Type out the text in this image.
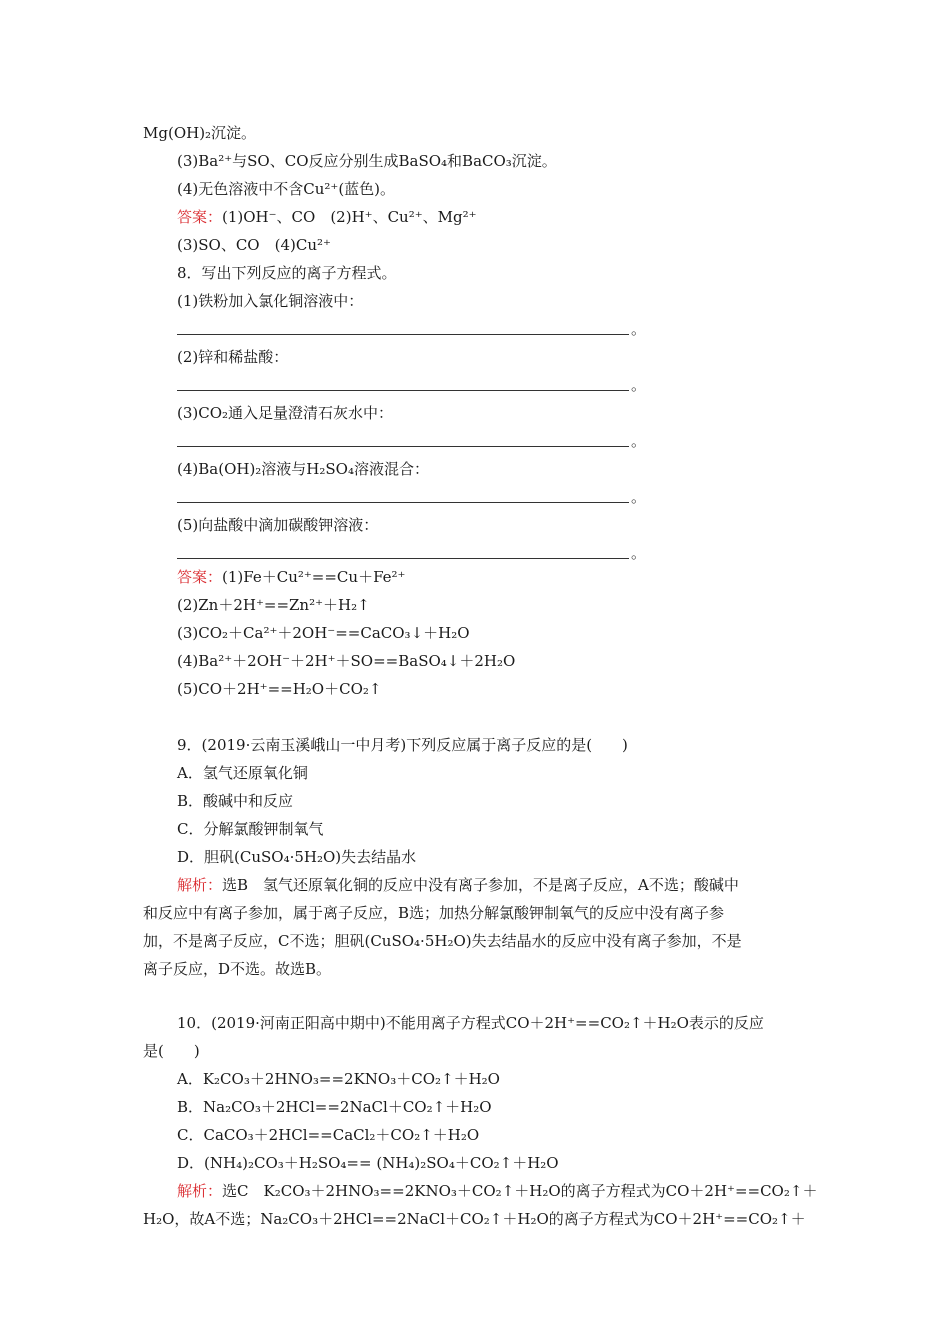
Mg(OH)₂沉淀。
(3)Ba²⁺与SO、CO反应分别生成BaSO₄和BaCO₃沉淀。
(4)无色溶液中不含Cu²⁺(蓝色)。
答案：(1)OH⁻、CO　(2)H⁺、Cu²⁺、Mg²⁺
(3)SO、CO　(4)Cu²⁺
8．写出下列反应的离子方程式。
(1)铁粉加入氯化铜溶液中：
。
(2)锌和稀盐酸：
。
(3)CO₂通入足量澄清石灰水中：
。
(4)Ba(OH)₂溶液与H₂SO₄溶液混合：
。
(5)向盐酸中滴加碳酸钾溶液：
。
答案：(1)Fe＋Cu²⁺==Cu＋Fe²⁺
(2)Zn＋2H⁺==Zn²⁺＋H₂↑
(3)CO₂＋Ca²⁺＋2OH⁻==CaCO₃↓＋H₂O
(4)Ba²⁺＋2OH⁻＋2H⁺＋SO==BaSO₄↓＋2H₂O
(5)CO＋2H⁺==H₂O＋CO₂↑
9．(2019·云南玉溪峨山一中月考)下列反应属于离子反应的是(　　)
A．氢气还原氧化铜
B．酸碱中和反应
C．分解氯酸钾制氧气
D．胆矾(CuSO₄·5H₂O)失去结晶水
解析：选B　氢气还原氧化铜的反应中没有离子参加，不是离子反应，A不选；酸碱中
和反应中有离子参加，属于离子反应，B选；加热分解氯酸钾制氧气的反应中没有离子参
加，不是离子反应，C不选；胆矾(CuSO₄·5H₂O)失去结晶水的反应中没有离子参加，不是
离子反应，D不选。故选B。
10．(2019·河南正阳高中期中)不能用离子方程式CO＋2H⁺==CO₂↑＋H₂O表示的反应
是(　　)
A．K₂CO₃＋2HNO₃==2KNO₃＋CO₂↑＋H₂O
B．Na₂CO₃＋2HCl==2NaCl＋CO₂↑＋H₂O
C．CaCO₃＋2HCl==CaCl₂＋CO₂↑＋H₂O
D．(NH₄)₂CO₃＋H₂SO₄== (NH₄)₂SO₄＋CO₂↑＋H₂O
解析：选C　K₂CO₃＋2HNO₃==2KNO₃＋CO₂↑＋H₂O的离子方程式为CO＋2H⁺==CO₂↑＋
H₂O，故A不选；Na₂CO₃＋2HCl==2NaCl＋CO₂↑＋H₂O的离子方程式为CO＋2H⁺==CO₂↑＋
